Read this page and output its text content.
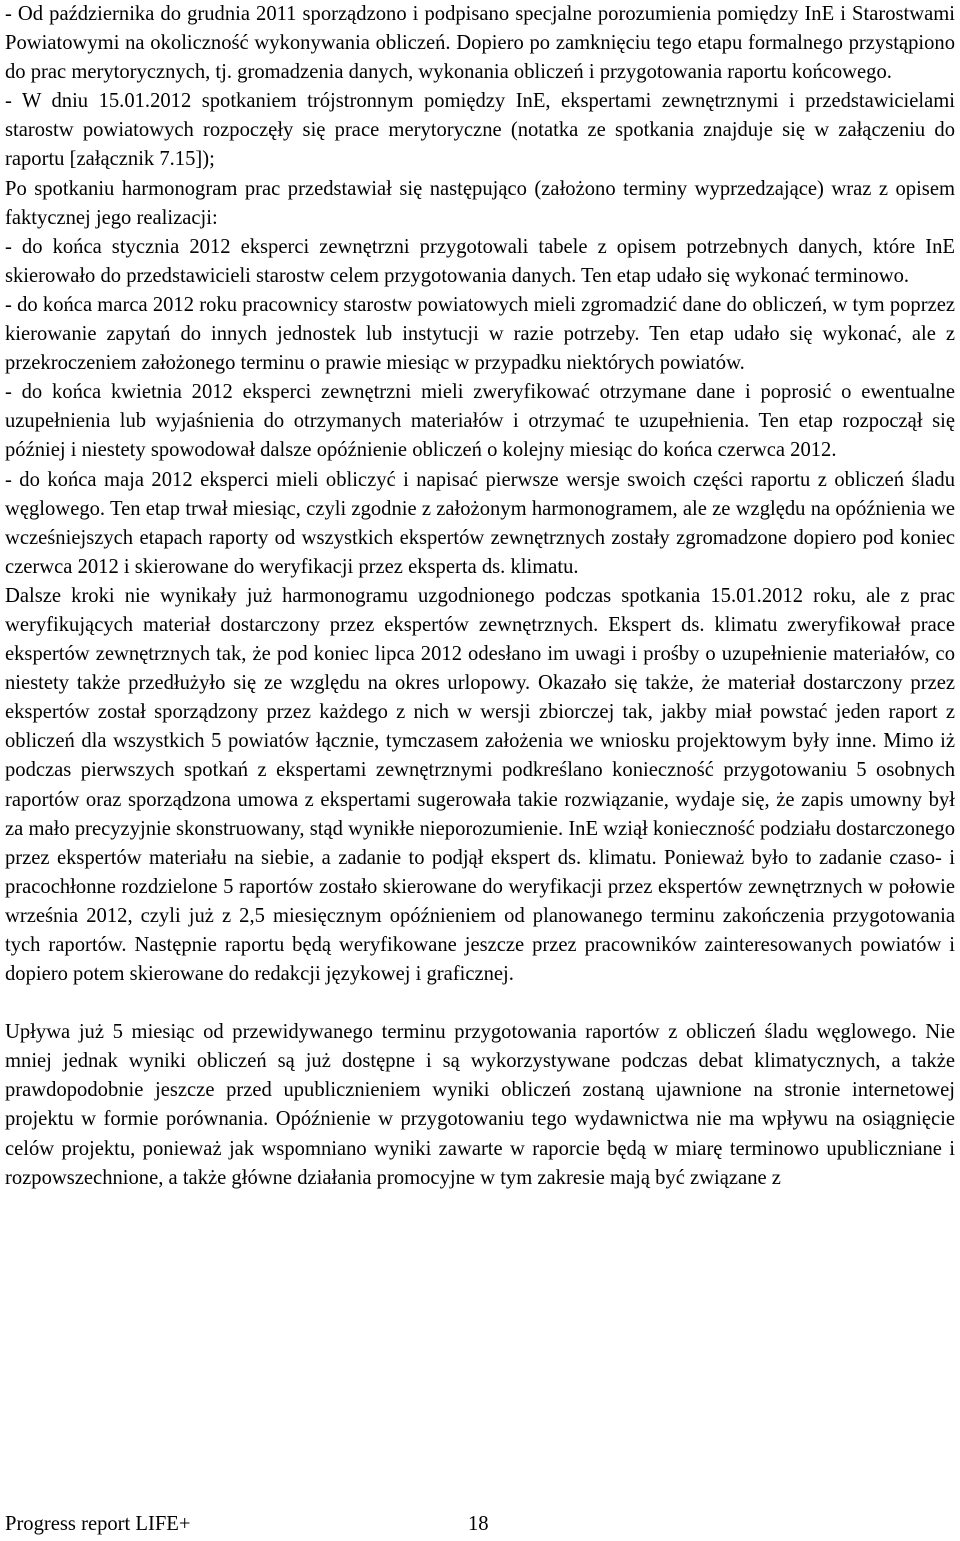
- Od października do grudnia 2011 sporządzono i podpisano specjalne porozumienia pomiędzy InE i Starostwami Powiatowymi na okoliczność wykonywania obliczeń. Dopiero po zamknięciu tego etapu formalnego przystąpiono do prac merytorycznych, tj. gromadzenia danych, wykonania obliczeń i przygotowania raportu końcowego.

- W dniu 15.01.2012 spotkaniem trójstronnym pomiędzy InE, ekspertami zewnętrznymi i przedstawicielami starostw powiatowych rozpoczęły się prace merytoryczne (notatka ze spotkania znajduje się w załączeniu do raportu [załącznik 7.15]);

Po spotkaniu harmonogram prac przedstawiał się następująco (założono terminy wyprzedzające) wraz z opisem faktycznej jego realizacji:

- do końca stycznia 2012 eksperci zewnętrzni przygotowali tabele z opisem potrzebnych danych, które InE skierowało do przedstawicieli starostw celem przygotowania danych. Ten etap udało się wykonać terminowo.

- do końca marca 2012 roku pracownicy starostw powiatowych mieli zgromadzić dane do obliczeń, w tym poprzez kierowanie zapytań do innych jednostek lub instytucji w razie potrzeby. Ten etap udało się wykonać, ale z przekroczeniem założonego terminu o prawie miesiąc w przypadku niektórych powiatów.

- do końca kwietnia 2012 eksperci zewnętrzni mieli zweryfikować otrzymane dane i poprosić o ewentualne uzupełnienia lub wyjaśnienia do otrzymanych materiałów i otrzymać te uzupełnienia. Ten etap rozpoczął się później i niestety spowodował dalsze opóźnienie obliczeń o kolejny miesiąc do końca czerwca 2012.

- do końca maja 2012 eksperci mieli obliczyć i napisać pierwsze wersje swoich części raportu z obliczeń śladu węglowego. Ten etap trwał miesiąc, czyli zgodnie z założonym harmonogramem, ale ze względu na opóźnienia we wcześniejszych etapach raporty od wszystkich ekspertów zewnętrznych zostały zgromadzone dopiero pod koniec czerwca 2012 i skierowane do weryfikacji przez eksperta ds. klimatu.

Dalsze kroki nie wynikały już harmonogramu uzgodnionego podczas spotkania 15.01.2012 roku, ale z prac weryfikujących materiał dostarczony przez ekspertów zewnętrznych. Ekspert ds. klimatu zweryfikował prace ekspertów zewnętrznych tak, że pod koniec lipca 2012 odesłano im uwagi i prośby o uzupełnienie materiałów, co niestety także przedłużyło się ze względu na okres urlopowy. Okazało się także, że materiał dostarczony przez ekspertów został sporządzony przez każdego z nich w wersji zbiorczej tak, jakby miał powstać jeden raport z obliczeń dla wszystkich 5 powiatów łącznie, tymczasem założenia we wniosku projektowym były inne. Mimo iż podczas pierwszych spotkań z ekspertami zewnętrznymi podkreślano konieczność przygotowaniu 5 osobnych raportów oraz sporządzona umowa z ekspertami sugerowała takie rozwiązanie, wydaje się, że zapis umowny był za mało precyzyjnie skonstruowany, stąd wynikłe nieporozumienie. InE wziął konieczność podziału dostarczonego przez ekspertów materiału na siebie, a zadanie to podjął ekspert ds. klimatu. Ponieważ było to zadanie czaso- i pracochłonne rozdzielone 5 raportów zostało skierowane do weryfikacji przez ekspertów zewnętrznych w połowie września 2012, czyli już z 2,5 miesięcznym opóźnieniem od planowanego terminu zakończenia przygotowania tych raportów. Następnie raportu będą weryfikowane jeszcze przez pracowników zainteresowanych powiatów i dopiero potem skierowane do redakcji językowej i graficznej.

Upływa już 5 miesiąc od przewidywanego terminu przygotowania raportów z obliczeń śladu węglowego. Nie mniej jednak wyniki obliczeń są już dostępne i są wykorzystywane podczas debat klimatycznych, a także prawdopodobnie jeszcze przed upublicznieniem wyniki obliczeń zostaną ujawnione na stronie internetowej projektu w formie porównania. Opóźnienie w przygotowaniu tego wydawnictwa nie ma wpływu na osiągnięcie celów projektu, ponieważ jak wspomniano wyniki zawarte w raporcie będą w miarę terminowo upubliczniane i rozpowszechnione, a także główne działania promocyjne w tym zakresie mają być związane z

Progress report LIFE+	18
